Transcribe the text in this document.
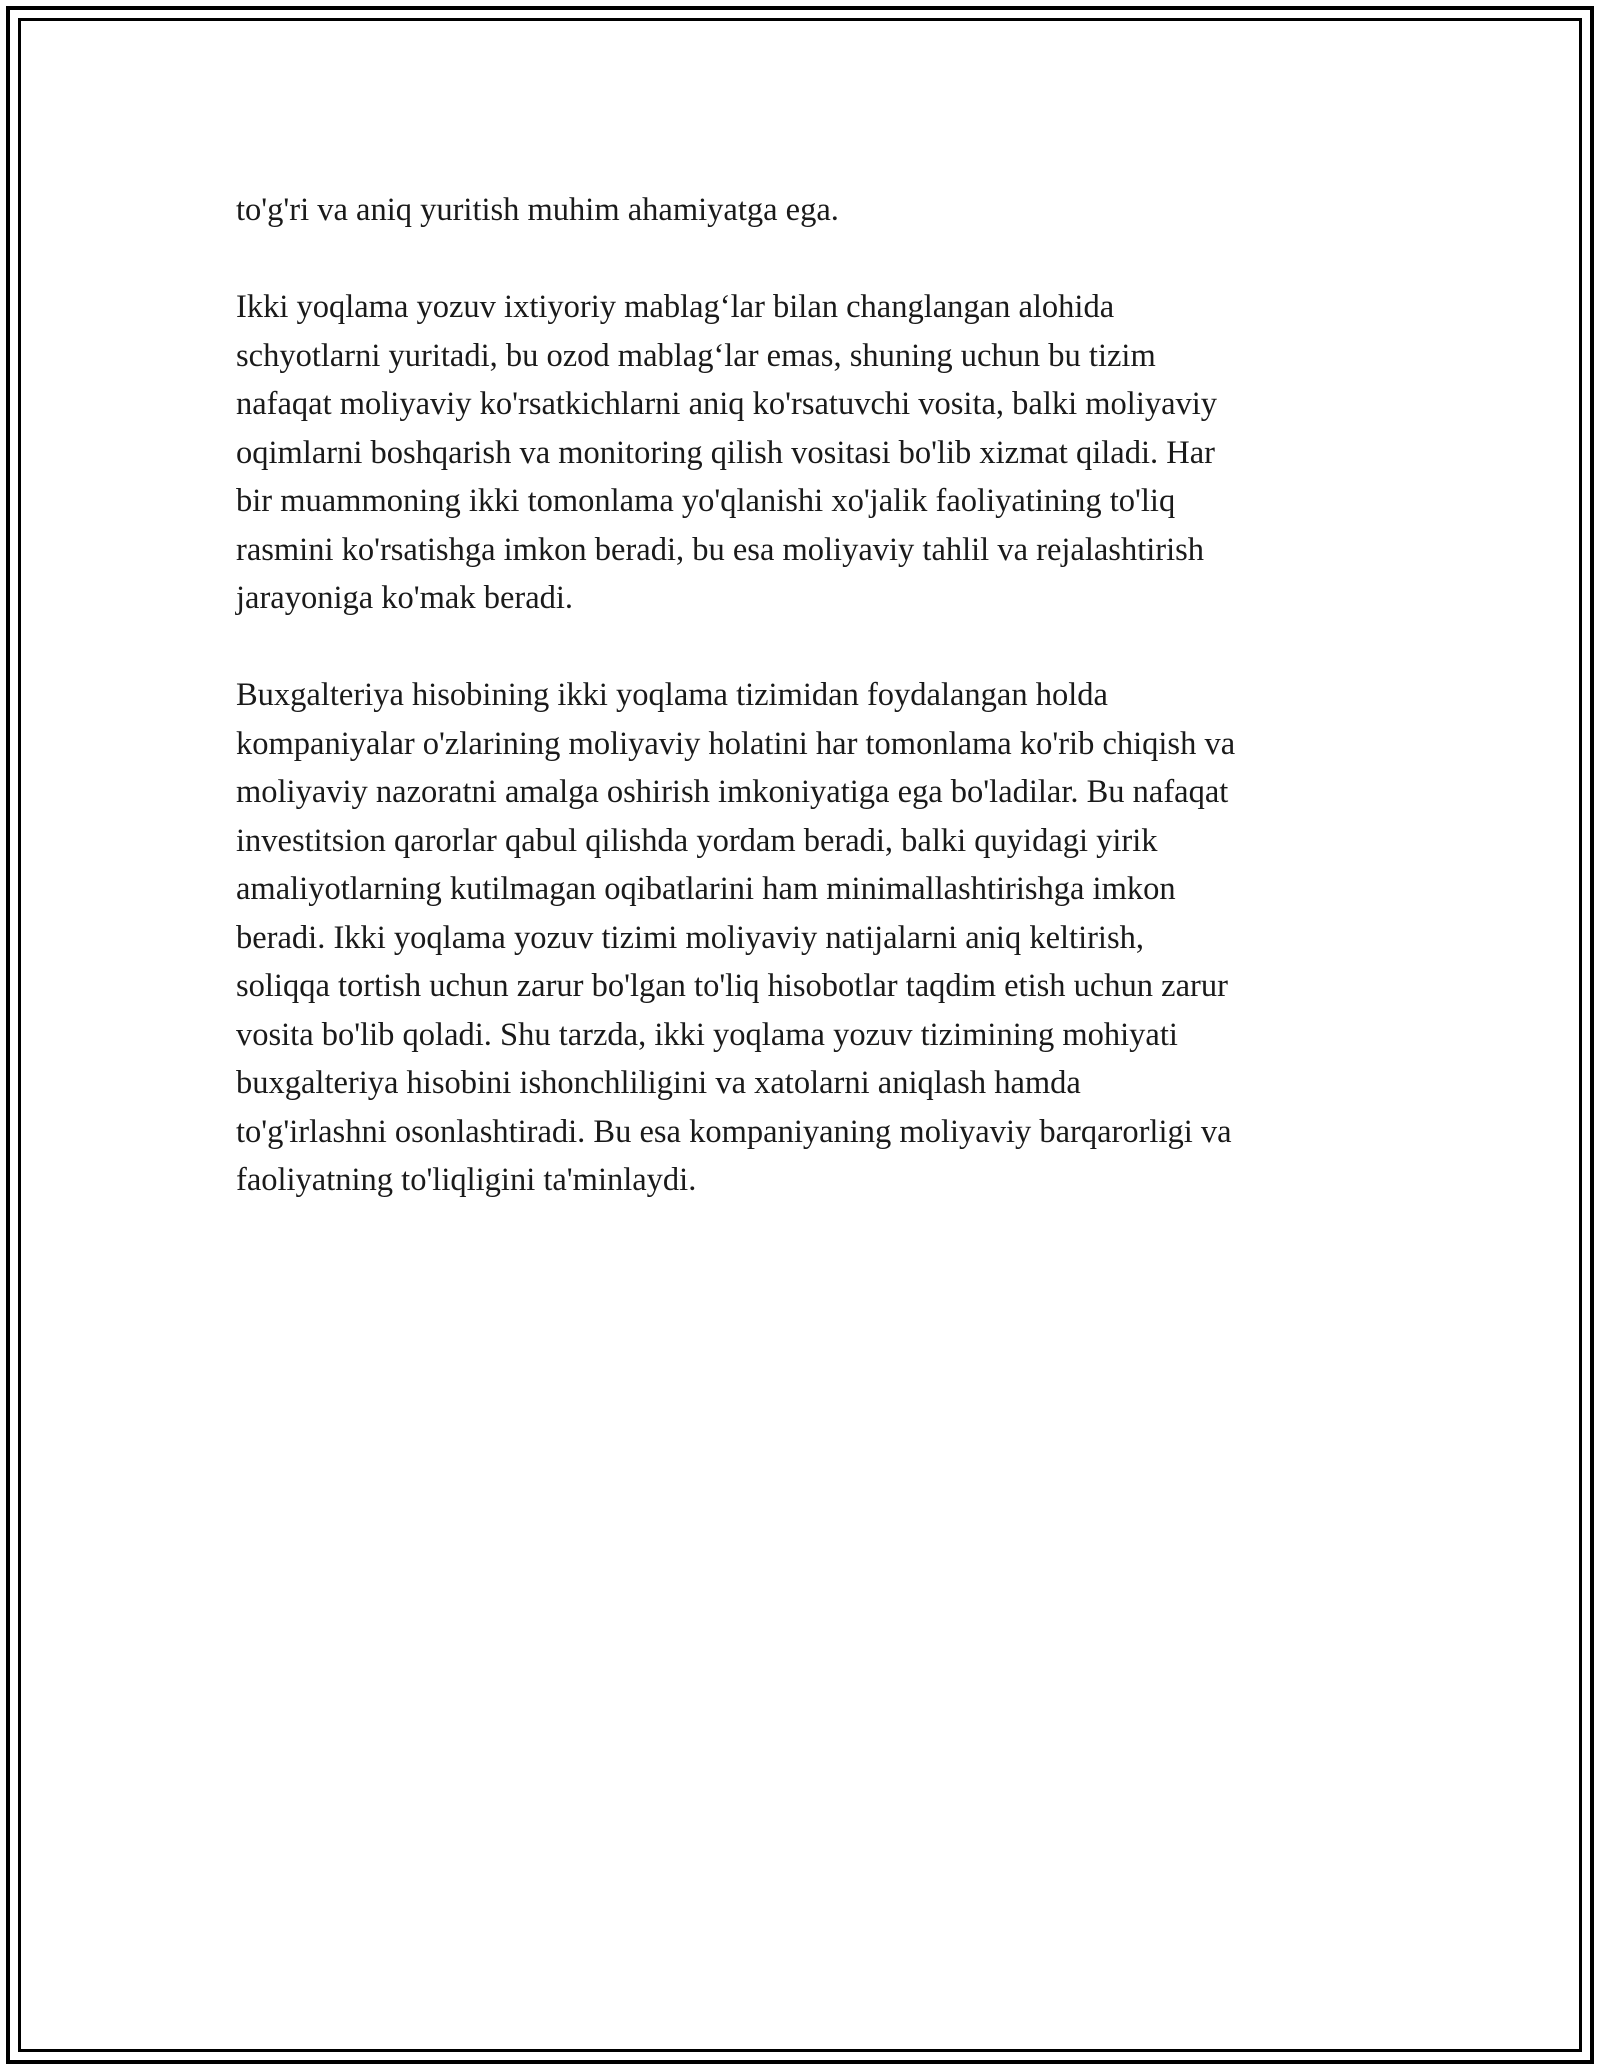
to'g'ri va aniq yuritish muhim ahamiyatga ega.
Ikki yoqlama yozuv ixtiyoriy mablag‘lar bilan changlangan alohida
schyotlarni yuritadi, bu ozod mablag‘lar emas, shuning uchun bu tizim
nafaqat moliyaviy ko'rsatkichlarni aniq ko'rsatuvchi vosita, balki moliyaviy
oqimlarni boshqarish va monitoring qilish vositasi bo'lib xizmat qiladi. Har
bir muammoning ikki tomonlama yo'qlanishi xo'jalik faoliyatining to'liq
rasmini ko'rsatishga imkon beradi, bu esa moliyaviy tahlil va rejalashtirish
jarayoniga ko'mak beradi.
Buxgalteriya hisobining ikki yoqlama tizimidan foydalangan holda
kompaniyalar o'zlarining moliyaviy holatini har tomonlama ko'rib chiqish va
moliyaviy nazoratni amalga oshirish imkoniyatiga ega bo'ladilar. Bu nafaqat
investitsion qarorlar qabul qilishda yordam beradi, balki quyidagi yirik
amaliyotlarning kutilmagan oqibatlarini ham minimallashtirishga imkon
beradi. Ikki yoqlama yozuv tizimi moliyaviy natijalarni aniq keltirish,
soliqqa tortish uchun zarur bo'lgan to'liq hisobotlar taqdim etish uchun zarur
vosita bo'lib qoladi. Shu tarzda, ikki yoqlama yozuv tizimining mohiyati
buxgalteriya hisobini ishonchliligini va xatolarni aniqlash hamda
to'g'irlashni osonlashtiradi. Bu esa kompaniyaning moliyaviy barqarorligi va
faoliyatning to'liqligini ta'minlaydi.
